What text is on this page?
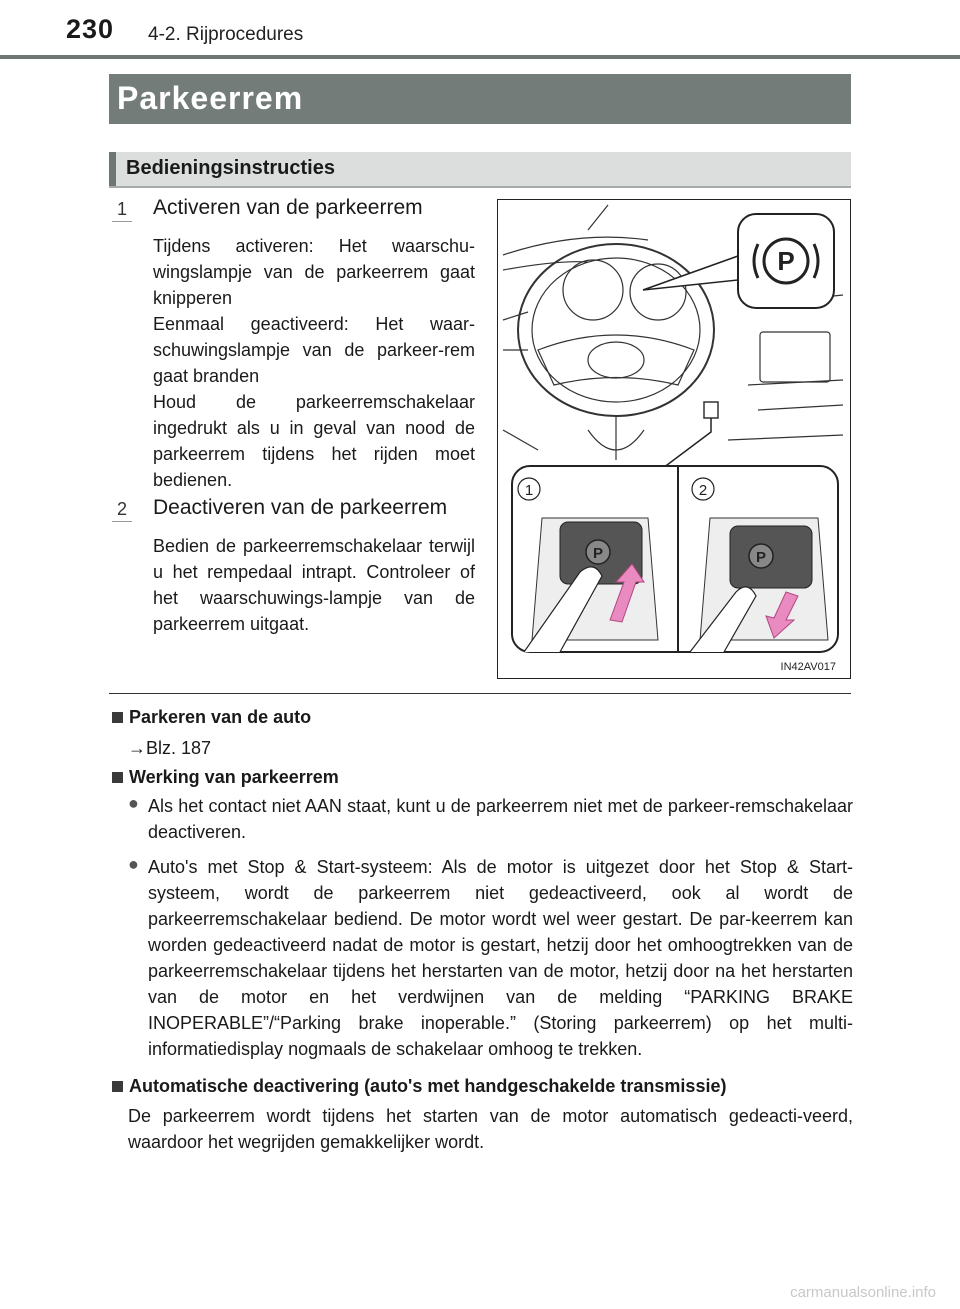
230 4-2. Rijprocedures
Parkeerrem
Bedieningsinstructies
1 Activeren van de parkeerrem
Tijdens activeren: Het waarschu-wingslampje van de parkeerrem gaat knipperen
Eenmaal geactiveerd: Het waar-schuwingslampje van de parkeer-rem gaat branden
Houd de parkeerremschakelaar ingedrukt als u in geval van nood de parkeerrem tijdens het rijden moet bedienen.
2 Deactiveren van de parkeerrem
Bedien de parkeerremschakelaar terwijl u het rempedaal intrapt. Controleer of het waarschuwings-lampje van de parkeerrem uitgaat.
P
1	2
P	P
IN42AV017
Parkeren van de auto
→Blz. 187
Werking van parkeerrem
● Als het contact niet AAN staat, kunt u de parkeerrem niet met de parkeer-remschakelaar deactiveren.
● Auto's met Stop & Start-systeem: Als de motor is uitgezet door het Stop & Start-systeem, wordt de parkeerrem niet gedeactiveerd, ook al wordt de parkeerremschakelaar bediend. De motor wordt wel weer gestart. De par-keerrem kan worden gedeactiveerd nadat de motor is gestart, hetzij door het omhoogtrekken van de parkeerremschakelaar tijdens het herstarten van de motor, hetzij door na het herstarten van de motor en het verdwijnen van de melding “PARKING BRAKE INOPERABLE”/“Parking brake inoperable.” (Storing parkeerrem) op het multi-informatiedisplay nogmaals de schakelaar omhoog te trekken.
Automatische deactivering (auto's met handgeschakelde transmissie)
De parkeerrem wordt tijdens het starten van de motor automatisch gedeacti-veerd, waardoor het wegrijden gemakkelijker wordt.
carmanualsonline.info
